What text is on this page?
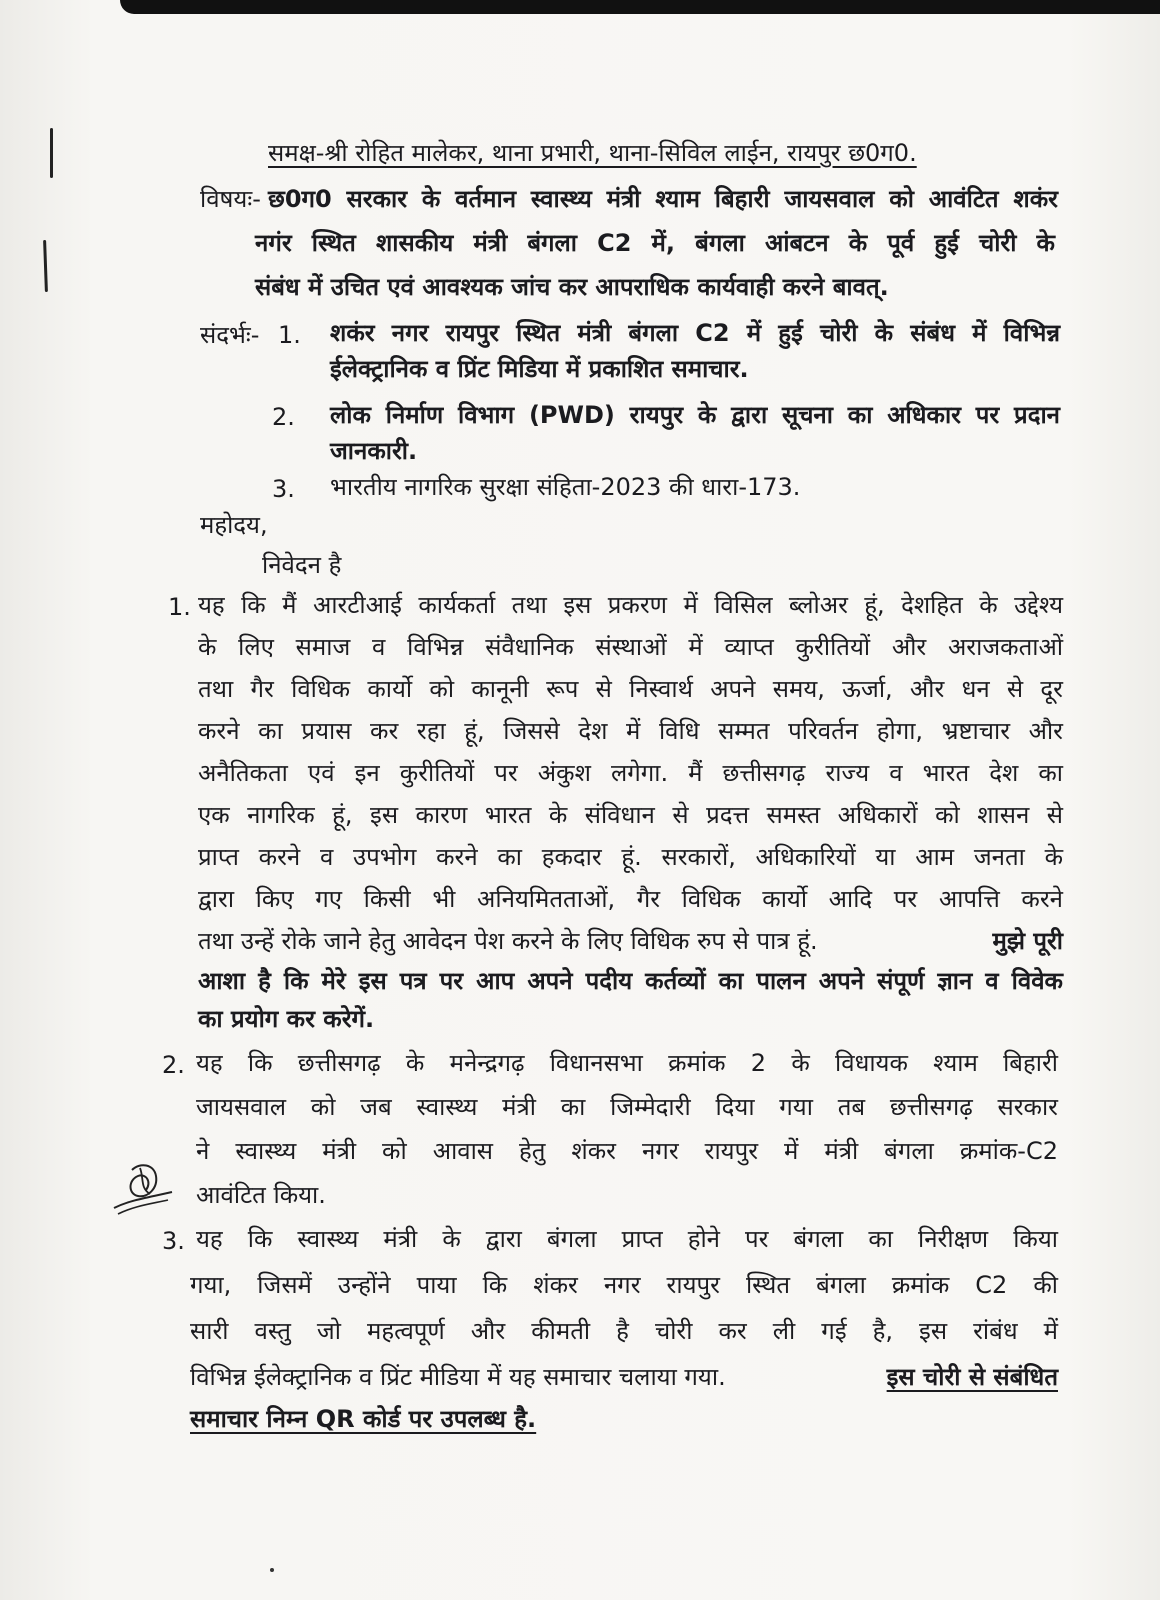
समक्ष-श्री रोहित मालेकर, थाना प्रभारी, थाना-सिविल लाईन, रायपुर छ0ग0.
विषयः- छ0ग0 सरकार के वर्तमान स्वास्थ्य मंत्री श्याम बिहारी जायसवाल को आवंटित शकंर
नगंर स्थित शासकीय मंत्री बंगला C2 में, बंगला आंबटन के पूर्व हुई चोरी के
संबंध में उचित एवं आवश्यक जांच कर आपराधिक कार्यवाही करने बावत्.
संदर्भः- 1. शकंर नगर रायपुर स्थित मंत्री बंगला C2 में हुई चोरी के संबंध में विभिन्न
ईलेक्ट्रानिक व प्रिंट मिडिया में प्रकाशित समाचार.
2. लोक निर्माण विभाग (PWD) रायपुर के द्वारा सूचना का अधिकार पर प्रदान
जानकारी.
3. भारतीय नागरिक सुरक्षा संहिता-2023 की धारा-173.
महोदय,
निवेदन है
1. यह कि मैं आरटीआई कार्यकर्ता तथा इस प्रकरण में विसिल ब्लोअर हूं, देशहित के उद्देश्य
के लिए समाज व विभिन्न संवैधानिक संस्थाओं में व्याप्त कुरीतियों और अराजकताओं
तथा गैर विधिक कार्यो को कानूनी रूप से निस्वार्थ अपने समय, ऊर्जा, और धन से दूर
करने का प्रयास कर रहा हूं, जिससे देश में विधि सम्मत परिवर्तन होगा, भ्रष्टाचार और
अनैतिकता एवं इन कुरीतियों पर अंकुश लगेगा. मैं छत्तीसगढ़ राज्य व भारत देश का
एक नागरिक हूं, इस कारण भारत के संविधान से प्रदत्त समस्त अधिकारों को शासन से
प्राप्त करने व उपभोग करने का हकदार हूं. सरकारों, अधिकारियों या आम जनता के
द्वारा किए गए किसी भी अनियमितताओं, गैर विधिक कार्यो आदि पर आपत्ति करने
तथा उन्हें रोके जाने हेतु आवेदन पेश करने के लिए विधिक रुप से पात्र हूं.	मुझे पूरी
आशा है कि मेरे इस पत्र पर आप अपने पदीय कर्तव्यों का पालन अपने संपूर्ण ज्ञान व विवेक
का प्रयोग कर करेगें.
2. यह कि छत्तीसगढ़ के मनेन्द्रगढ़ विधानसभा क्रमांक 2 के विधायक श्याम बिहारी
जायसवाल को जब स्वास्थ्य मंत्री का जिम्मेदारी दिया गया तब छत्तीसगढ़ सरकार
ने स्वास्थ्य मंत्री को आवास हेतु शंकर नगर रायपुर में मंत्री बंगला क्रमांक-C2
आवंटित किया.
3. यह कि स्वास्थ्य मंत्री के द्वारा बंगला प्राप्त होने पर बंगला का निरीक्षण किया
गया, जिसमें उन्होंने पाया कि शंकर नगर रायपुर स्थित बंगला क्रमांक C2 की
सारी वस्तु जो महत्वपूर्ण और कीमती है चोरी कर ली गई है, इस रांबंध में
विभिन्न ईलेक्ट्रानिक व प्रिंट मीडिया में यह समाचार चलाया गया.	इस चोरी से संबंधित
समाचार निम्न QR कोर्ड पर उपलब्ध है.
